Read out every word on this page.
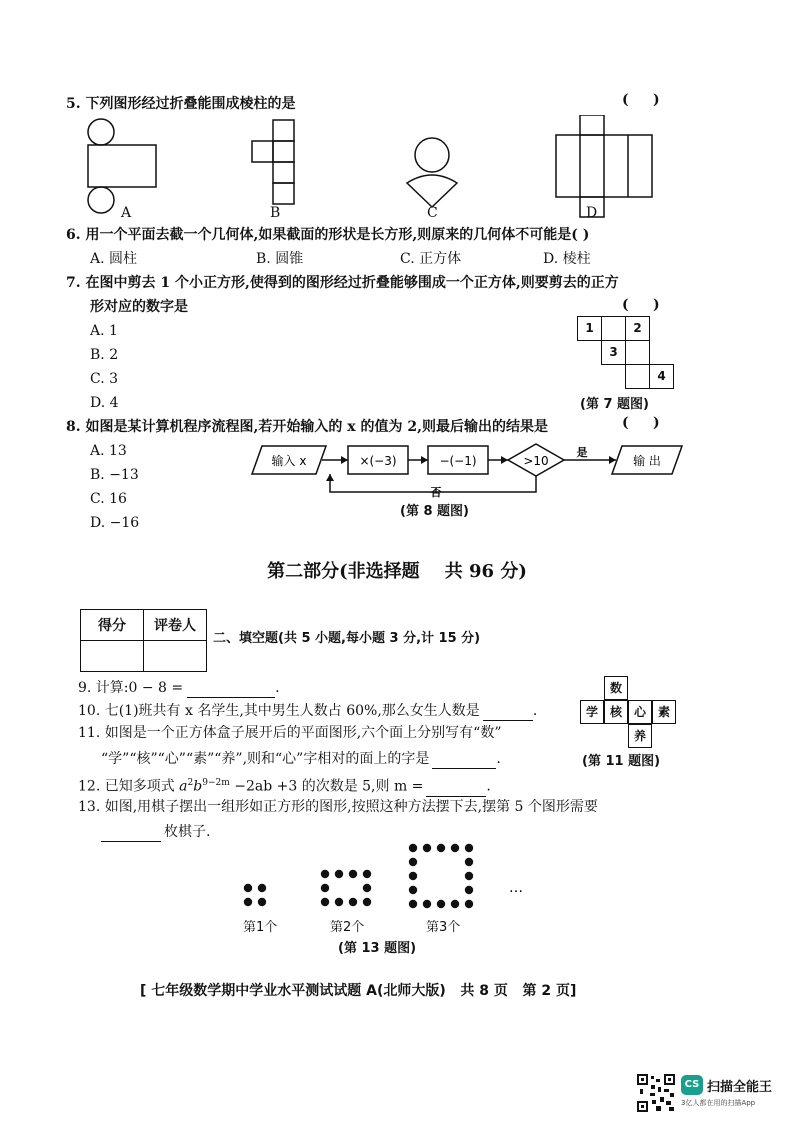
5. 下列图形经过折叠能围成棱柱的是	(     )
A	B	C	D
6. 用一个平面去截一个几何体,如果截面的形状是长方形,则原来的几何体不可能是( )
A. 圆柱	B. 圆锥	C. 正方体	D. 棱柱
7. 在图中剪去 1 个小正方形,使得到的图形经过折叠能够围成一个正方体,则要剪去的正方
形对应的数字是	(     )
A. 1
B. 2
C. 3
D. 4
1	2
3
4
(第 7 题图)
8. 如图是某计算机程序流程图,若开始输入的 x 的值为 2,则最后输出的结果是	(     )
A. 13
B. −13
C. 16
D. −16
输入 x	×(−3)	−(−1)	>10
是
否
输 出
(第 8 题图)
第二部分(非选择题    共 96 分)
得分	评卷人

二、填空题(共 5 小题,每小题 3 分,计 15 分)
9. 计算:0 − 8 =	.
10. 七(1)班共有 x 名学生,其中男生人数占 60%,那么女生人数是	.
11. 如图是一个正方体盒子展开后的平面图形,六个面上分别写有“数”
“学”“核”“心”“素”“养”,则和“心”字相对的面上的字是	.
数
学 核 心 素
养
(第 11 题图)
12. 已知多项式 $a^2b^{9-2m} -2ab +3$ 的次数是 5,则 m =	.
13. 如图,用棋子摆出一组形如正方形的图形,按照这种方法摆下去,摆第 5 个图形需要
枚棋子.
…
第1个	第2个	第3个
(第 13 题图)
[ 七年级数学期中学业水平测试试题 A(北师大版)   共 8 页   第 2 页]
CS 扫描全能王
3亿人都在用的扫描App
